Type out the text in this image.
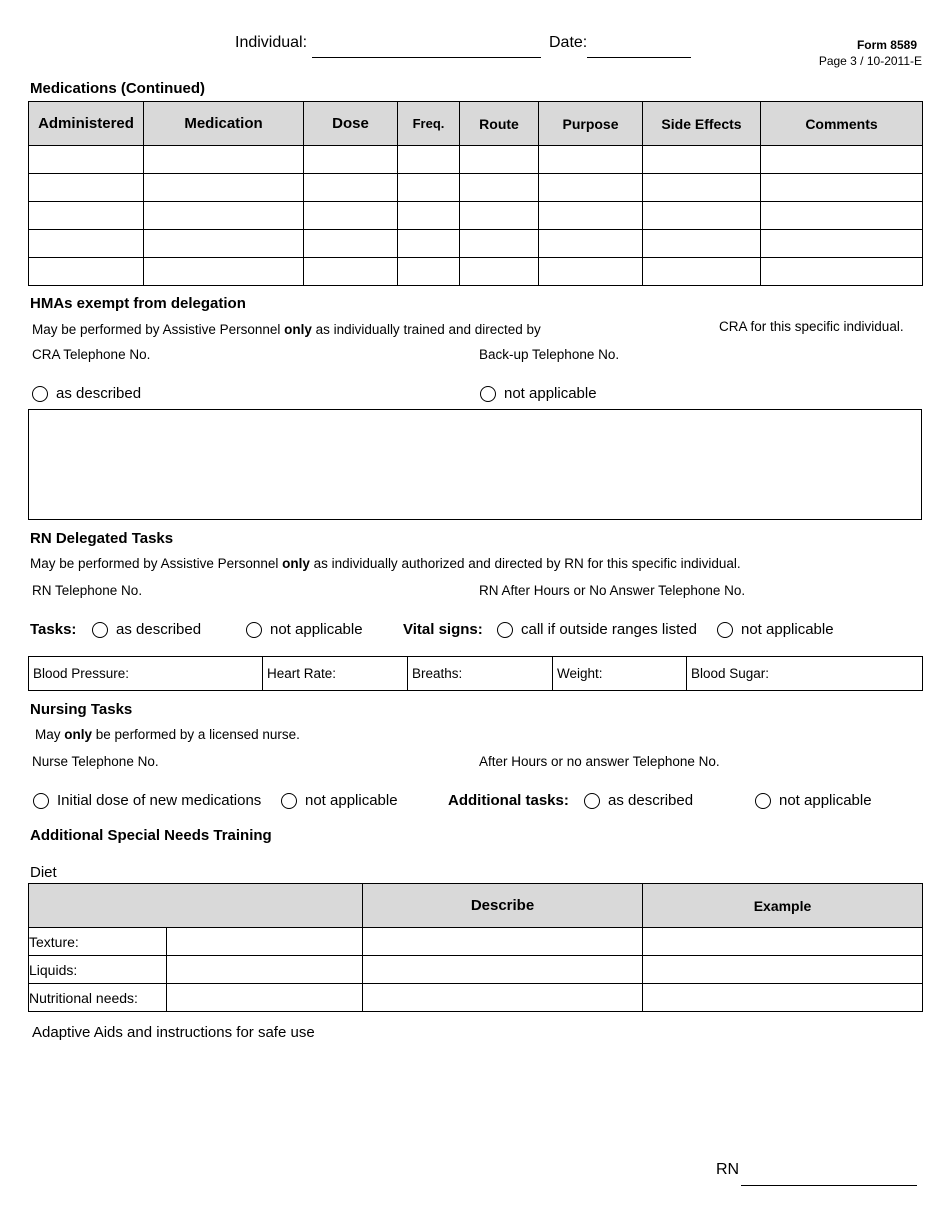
Individual:	Date:	Form 8589
Page 3 / 10-2011-E
Medications (Continued)
Administered	Medication	Dose	Freq.	Route	Purpose	Side Effects	Comments

HMAs exempt from delegation
May be performed by Assistive Personnel only as individually trained and directed by	CRA for this specific individual.
CRA Telephone No.	Back-up Telephone No.
as described	not applicable
RN Delegated Tasks
May be performed by Assistive Personnel only as individually authorized and directed by RN for this specific individual.
RN Telephone No.	RN After Hours or No Answer Telephone No.
Tasks:	as described	not applicable	Vital signs:	call if outside ranges listed	not applicable
Blood Pressure:	Heart Rate:	Breaths:	Weight:	Blood Sugar:
Nursing Tasks
May only be performed by a licensed nurse.
Nurse Telephone No.	After Hours or no answer Telephone No.
Initial dose of new medications	not applicable	Additional tasks:	as described	not applicable
Additional Special Needs Training
Diet
		Describe	Example
Texture:			
Liquids:			
Nutritional needs:			
Adaptive Aids and instructions for safe use
RN
